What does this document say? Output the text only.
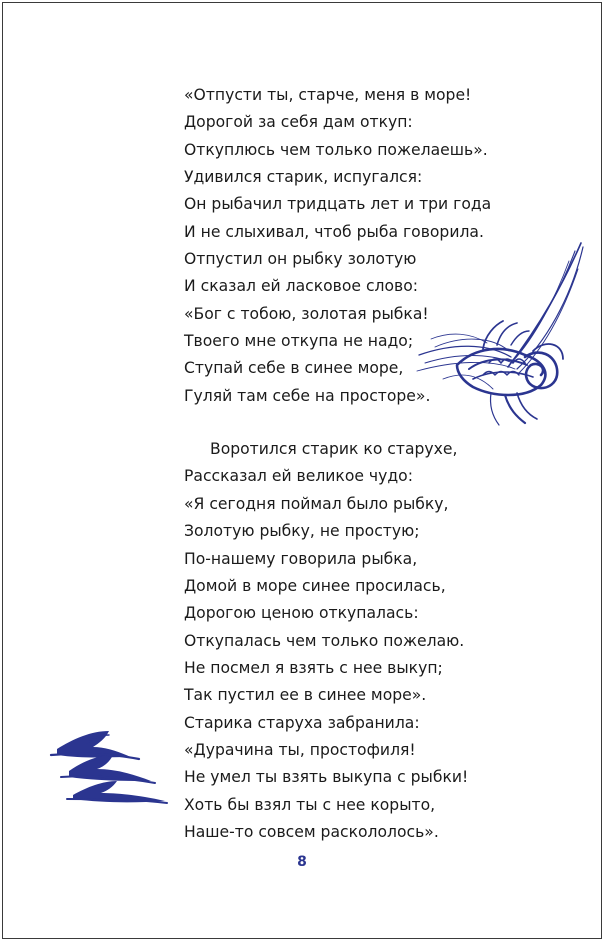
«Отпусти ты, старче, меня в море!
Дорогой за себя дам откуп:
Откуплюсь чем только пожелаешь».
Удивился старик, испугался:
Он рыбачил тридцать лет и три года
И не слыхивал, чтоб рыба говорила.
Отпустил он рыбку золотую
И сказал ей ласковое слово:
«Бог с тобою, золотая рыбка!
Твоего мне откупа не надо;
Ступай себе в синее море,
Гуляй там себе на просторе».
Воротился старик ко старухе,
Рассказал ей великое чудо:
«Я сегодня поймал было рыбку,
Золотую рыбку, не простую;
По-нашему говорила рыбка,
Домой в море синее просилась,
Дорогою ценою откупалась:
Откупалась чем только пожелаю.
Не посмел я взять с нее выкуп;
Так пустил ее в синее море».
Старика старуха забранила:
«Дурачина ты, простофиля!
Не умел ты взять выкупа с рыбки!
Хоть бы взял ты с нее корыто,
Наше-то совсем раскололось».
8
